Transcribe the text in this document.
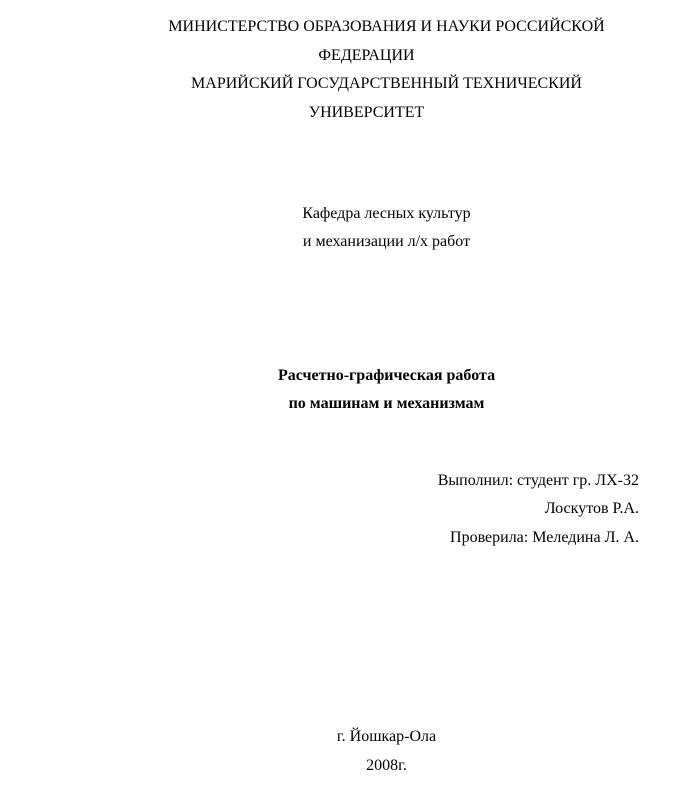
МИНИСТЕРСТВО ОБРАЗОВАНИЯ И НАУКИ РОССИЙСКОЙ
ФЕДЕРАЦИИ
МАРИЙСКИЙ ГОСУДАРСТВЕННЫЙ ТЕХНИЧЕСКИЙ
УНИВЕРСИТЕТ
Кафедра лесных культур
и механизации л/х работ
Расчетно-графическая работа
по машинам и механизмам
Выполнил: студент гр. ЛХ-32
Лоскутов Р.А.
Проверила: Меледина Л. А.
г. Йошкар-Ола
2008г.
